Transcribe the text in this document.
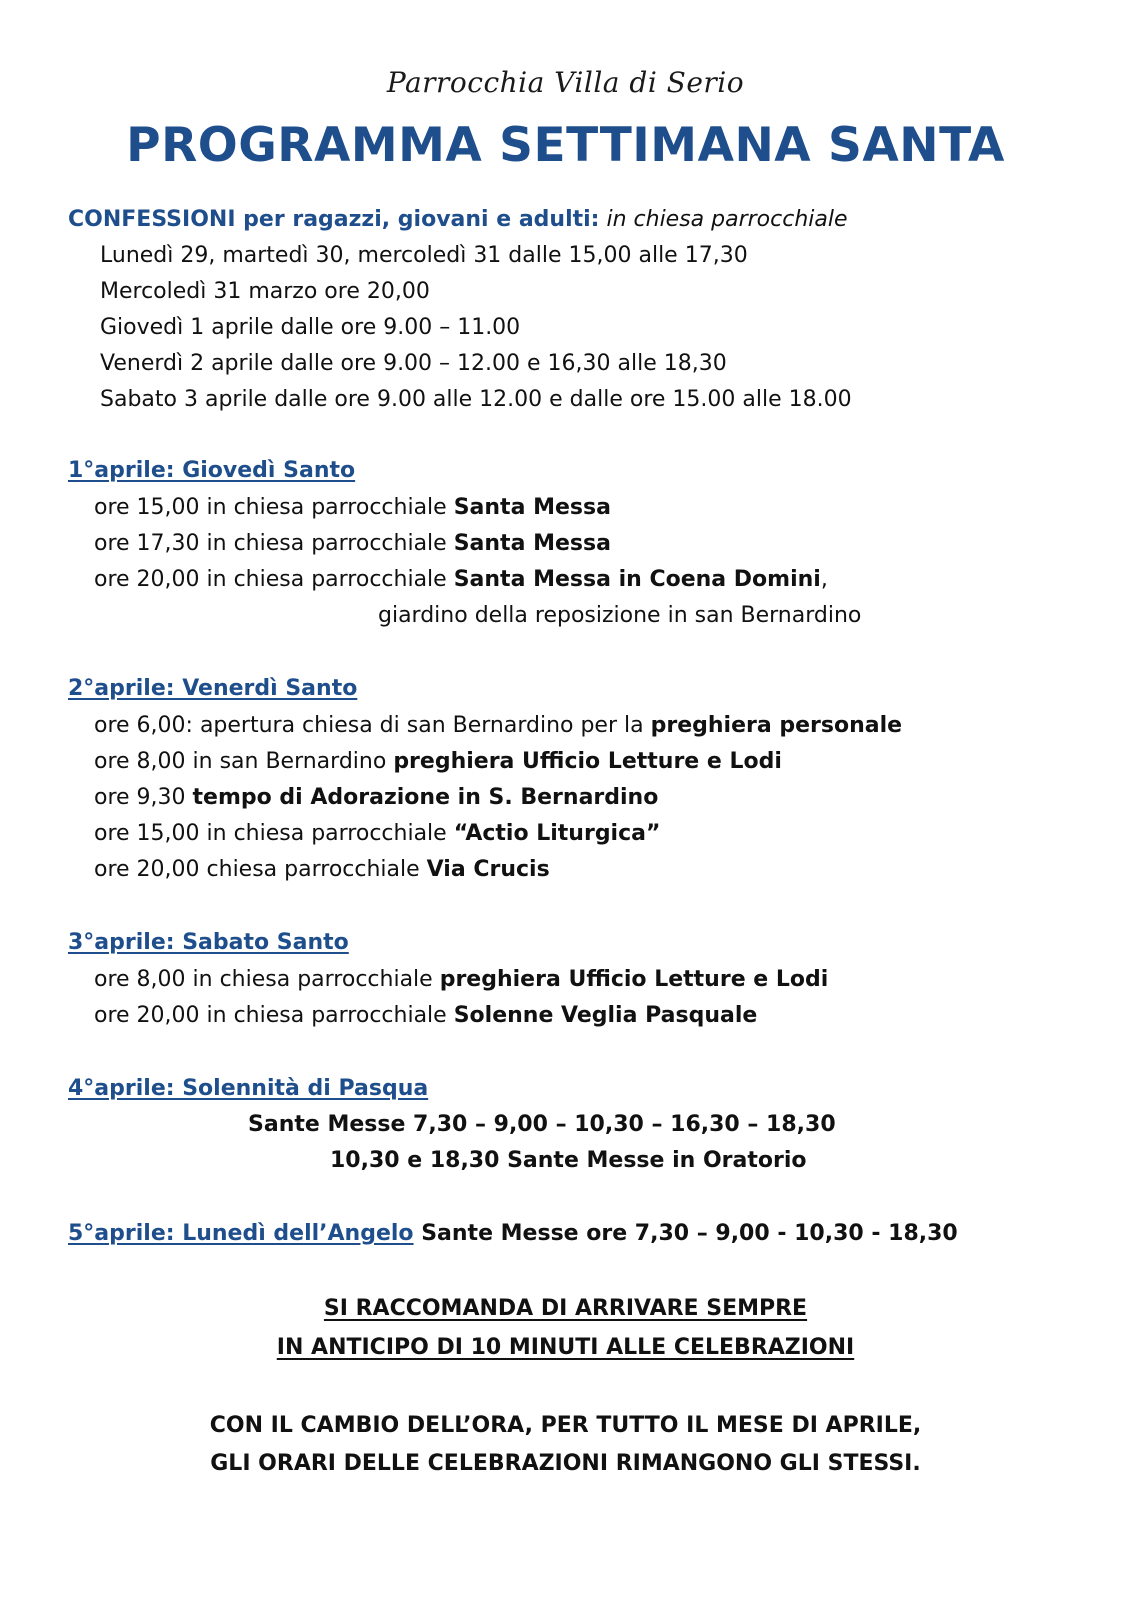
Parrocchia Villa di Serio
PROGRAMMA SETTIMANA SANTA
CONFESSIONI per ragazzi, giovani e adulti: in chiesa parrocchiale
Lunedì 29, martedì 30, mercoledì 31 dalle 15,00 alle 17,30
Mercoledì 31 marzo ore 20,00
Giovedì 1 aprile dalle ore 9.00 – 11.00
Venerdì 2 aprile dalle ore 9.00 – 12.00 e 16,30 alle 18,30
Sabato 3 aprile dalle ore 9.00 alle 12.00 e dalle ore 15.00 alle 18.00
1°aprile: Giovedì Santo
ore 15,00 in chiesa parrocchiale Santa Messa
ore 17,30 in chiesa parrocchiale Santa Messa
ore 20,00 in chiesa parrocchiale Santa Messa in Coena Domini,
giardino della reposizione in san Bernardino
2°aprile: Venerdì Santo
ore 6,00: apertura chiesa di san Bernardino per la preghiera personale
ore 8,00 in san Bernardino preghiera Ufficio Letture e Lodi
ore 9,30 tempo di Adorazione in S. Bernardino
ore 15,00 in chiesa parrocchiale “Actio Liturgica”
ore 20,00 chiesa parrocchiale Via Crucis
3°aprile: Sabato Santo
ore 8,00 in chiesa parrocchiale preghiera Ufficio Letture e Lodi
ore 20,00 in chiesa parrocchiale Solenne Veglia Pasquale
4°aprile: Solennità di Pasqua
Sante Messe 7,30 – 9,00 – 10,30 – 16,30 – 18,30
10,30 e 18,30 Sante Messe in Oratorio
5°aprile: Lunedì dell’Angelo Sante Messe ore 7,30 – 9,00 - 10,30 - 18,30
SI RACCOMANDA DI ARRIVARE SEMPRE
IN ANTICIPO DI 10 MINUTI ALLE CELEBRAZIONI
CON IL CAMBIO DELL’ORA, PER TUTTO IL MESE DI APRILE,
GLI ORARI DELLE CELEBRAZIONI RIMANGONO GLI STESSI.
